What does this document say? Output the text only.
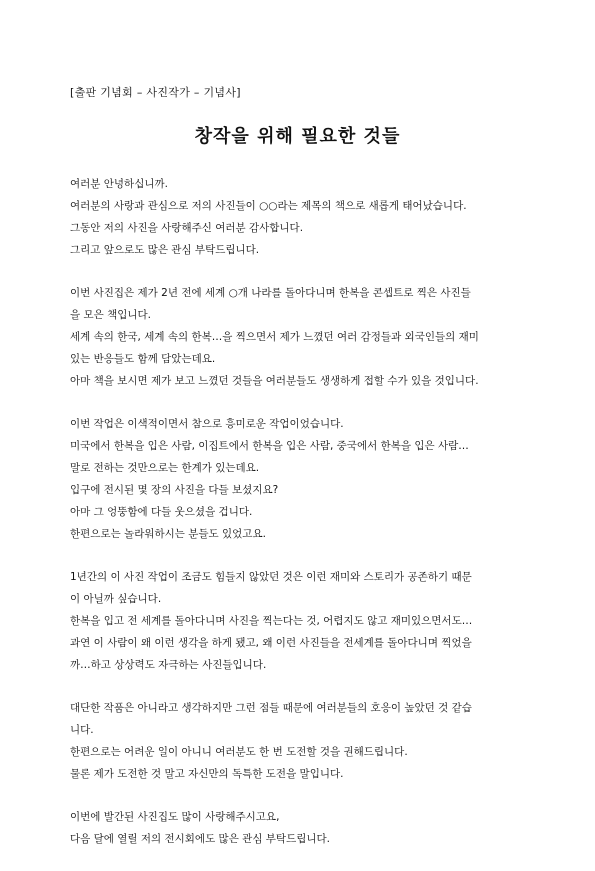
[출판 기념회 – 사진작가 – 기념사]
창작을 위해 필요한 것들
여러분 안녕하십니까.
여러분의 사랑과 관심으로 저의 사진들이 ○○라는 제목의 책으로 새롭게 태어났습니다.
그동안 저의 사진을 사랑해주신 여러분 감사합니다.
그리고 앞으로도 많은 관심 부탁드립니다.
이번 사진집은 제가 2년 전에 세계 ○개 나라를 돌아다니며 한복을 콘셉트로 찍은 사진들
을 모은 책입니다.
세계 속의 한국, 세계 속의 한복…을 찍으면서 제가 느꼈던 여러 감정들과 외국인들의 재미
있는 반응들도 함께 담았는데요.
아마 책을 보시면 제가 보고 느꼈던 것들을 여러분들도 생생하게 접할 수가 있을 것입니다.
이번 작업은 이색적이면서 참으로 흥미로운 작업이었습니다.
미국에서 한복을 입은 사람, 이집트에서 한복을 입은 사람, 중국에서 한복을 입은 사람…
말로 전하는 것만으로는 한계가 있는데요.
입구에 전시된 몇 장의 사진을 다들 보셨지요?
아마 그 엉뚱함에 다들 웃으셨을 겁니다.
한편으로는 놀라워하시는 분들도 있었고요.
1년간의 이 사진 작업이 조금도 힘들지 않았던 것은 이런 재미와 스토리가 공존하기 때문
이 아닐까 싶습니다.
한복을 입고 전 세계를 돌아다니며 사진을 찍는다는 것, 어렵지도 않고 재미있으면서도…
과연 이 사람이 왜 이런 생각을 하게 됐고, 왜 이런 사진들을 전세계를 돌아다니며 찍었을
까…하고 상상력도 자극하는 사진들입니다.
대단한 작품은 아니라고 생각하지만 그런 점들 때문에 여러분들의 호응이 높았던 것 같습
니다.
한편으로는 어려운 일이 아니니 여러분도 한 번 도전할 것을 권해드립니다.
물론 제가 도전한 것 말고 자신만의 독특한 도전을 말입니다.
이번에 발간된 사진집도 많이 사랑해주시고요,
다음 달에 열릴 저의 전시회에도 많은 관심 부탁드립니다.
